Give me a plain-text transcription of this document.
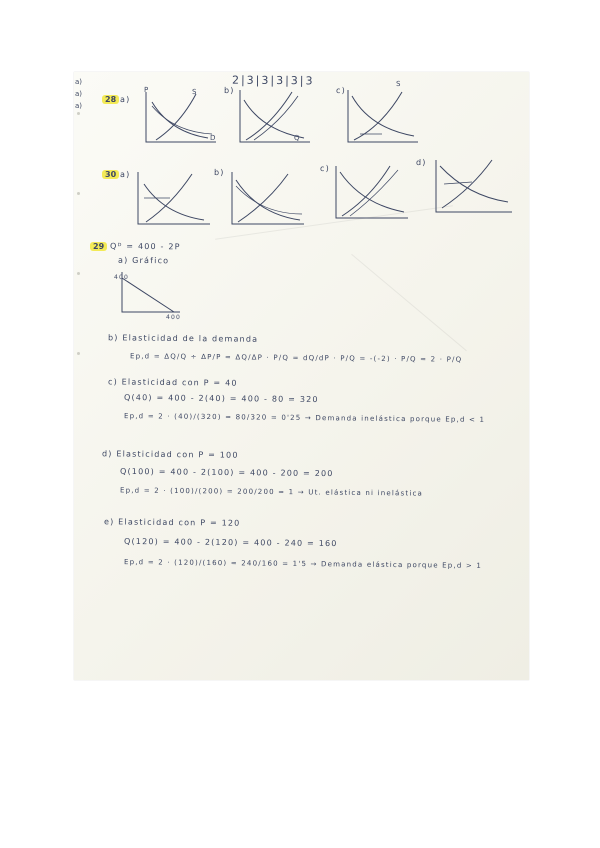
a)
a)
a)
2|3|3|3|3|3
28 a)
b)	c)
S
D
P
Q
S
30 a)	b)	c)
d)
29 Qᴰ = 400 - 2P
a) Gráfico
400
400
b) Elasticidad de la demanda
Ep,d = ΔQ/Q ÷ ΔP/P = ΔQ/ΔP · P/Q = dQ/dP · P/Q = -(-2) · P/Q = 2 · P/Q
c) Elasticidad con P = 40
Q(40) = 400 - 2(40) = 400 - 80 = 320
Ep,d = 2 · (40)/(320) = 80/320 = 0'25 → Demanda inelástica porque Ep,d < 1
d) Elasticidad con P = 100
Q(100) = 400 - 2(100) = 400 - 200 = 200
Ep,d = 2 · (100)/(200) = 200/200 = 1 → Ut. elástica ni inelástica
e) Elasticidad con P = 120
Q(120) = 400 - 2(120) = 400 - 240 = 160
Ep,d = 2 · (120)/(160) = 240/160 = 1'5 → Demanda elástica porque Ep,d > 1
